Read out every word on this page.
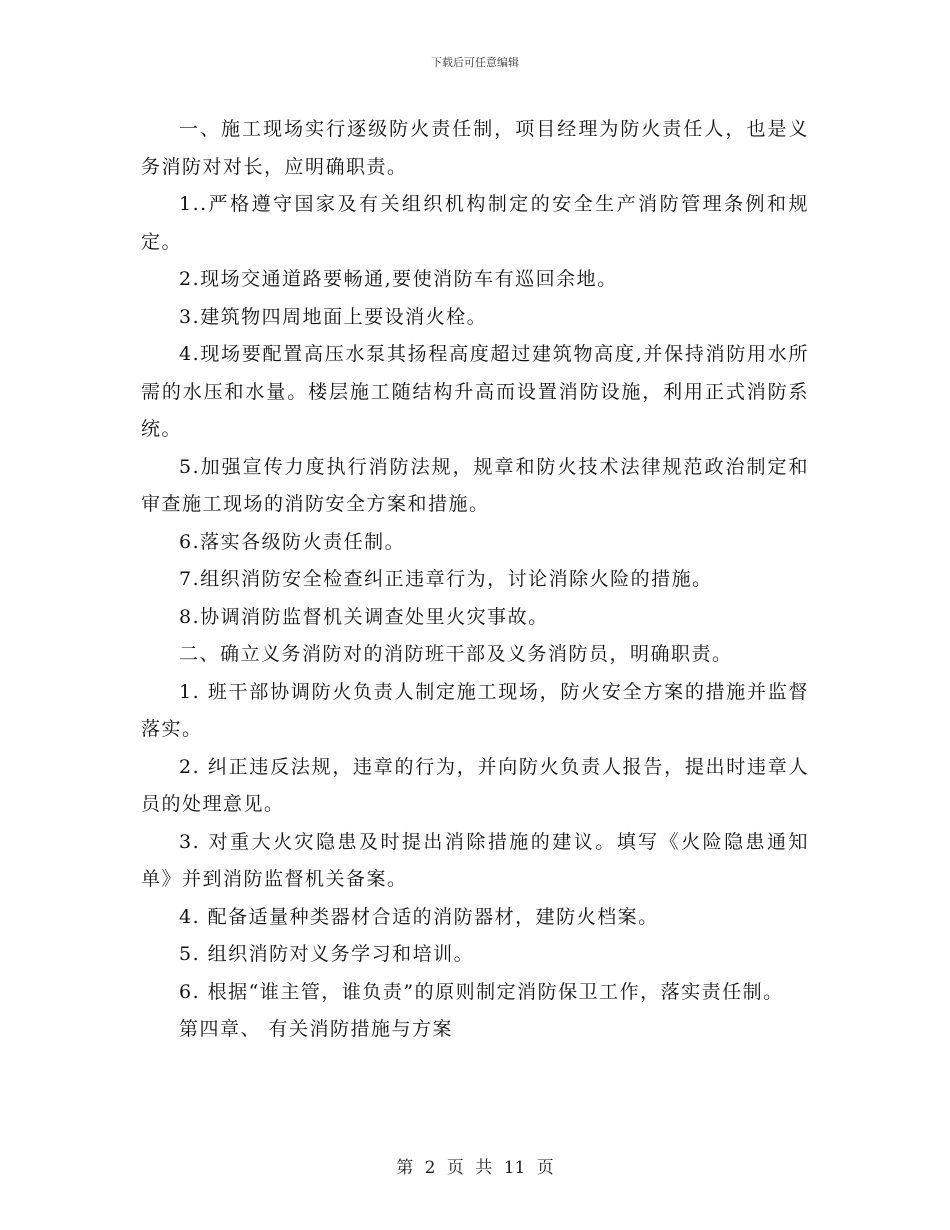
下载后可任意编辑

一、施工现场实行逐级防火责任制，项目经理为防火责任人，也是义务消防对对长，应明确职责。

1..严格遵守国家及有关组织机构制定的安全生产消防管理条例和规定。

2.现场交通道路要畅通,要使消防车有巡回余地。

3.建筑物四周地面上要设消火栓。

4.现场要配置高压水泵其扬程高度超过建筑物高度,并保持消防用水所需的水压和水量。楼层施工随结构升高而设置消防设施，利用正式消防系统。

5.加强宣传力度执行消防法规，规章和防火技术法律规范政治制定和审查施工现场的消防安全方案和措施。

6.落实各级防火责任制。

7.组织消防安全检查纠正违章行为，讨论消除火险的措施。

8.协调消防监督机关调查处里火灾事故。

二、确立义务消防对的消防班干部及义务消防员，明确职责。

1. 班干部协调防火负责人制定施工现场，防火安全方案的措施并监督落实。

2. 纠正违反法规，违章的行为，并向防火负责人报告，提出时违章人员的处理意见。

3. 对重大火灾隐患及时提出消除措施的建议。填写《火险隐患通知单》并到消防监督机关备案。

4. 配备适量种类器材合适的消防器材，建防火档案。

5. 组织消防对义务学习和培训。

6. 根据“谁主管，谁负责”的原则制定消防保卫工作，落实责任制。

第四章、 有关消防措施与方案

第 2 页 共 11 页
